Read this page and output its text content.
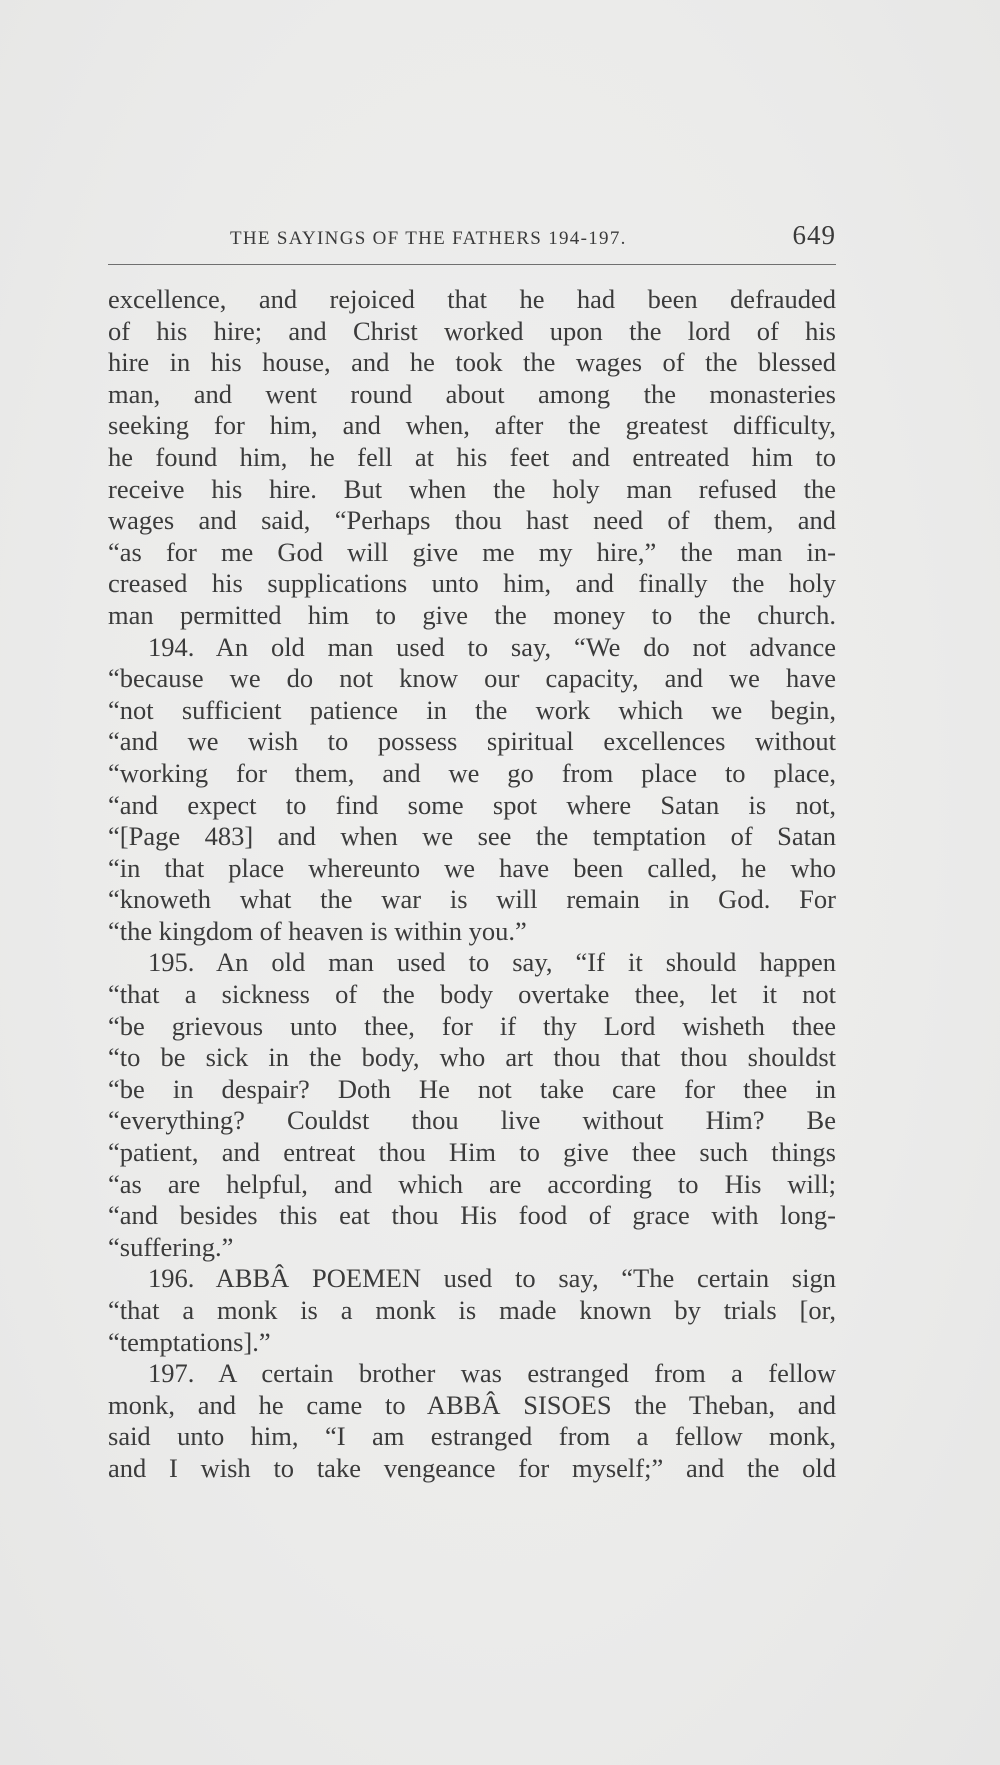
THE SAYINGS OF THE FATHERS 194-197.	649
excellence, and rejoiced that he had been defrauded
of his hire; and Christ worked upon the lord of his
hire in his house, and he took the wages of the blessed
man, and went round about among the monasteries
seeking for him, and when, after the greatest difficulty,
he found him, he fell at his feet and entreated him to
receive his hire. But when the holy man refused the
wages and said, “Perhaps thou hast need of them, and
“as for me God will give me my hire,” the man in-
creased his supplications unto him, and finally the holy
man permitted him to give the money to the church.
194. An old man used to say, “We do not advance
“because we do not know our capacity, and we have
“not sufficient patience in the work which we begin,
“and we wish to possess spiritual excellences without
“working for them, and we go from place to place,
“and expect to find some spot where Satan is not,
“[Page 483] and when we see the temptation of Satan
“in that place whereunto we have been called, he who
“knoweth what the war is will remain in God. For
“the kingdom of heaven is within you.”
195. An old man used to say, “If it should happen
“that a sickness of the body overtake thee, let it not
“be grievous unto thee, for if thy Lord wisheth thee
“to be sick in the body, who art thou that thou shouldst
“be in despair? Doth He not take care for thee in
“everything? Couldst thou live without Him? Be
“patient, and entreat thou Him to give thee such things
“as are helpful, and which are according to His will;
“and besides this eat thou His food of grace with long-
“suffering.”
196. ABBÂ POEMEN used to say, “The certain sign
“that a monk is a monk is made known by trials [or,
“temptations].”
197. A certain brother was estranged from a fellow
monk, and he came to ABBÂ SISOES the Theban, and
said unto him, “I am estranged from a fellow monk,
and I wish to take vengeance for myself;” and the old
